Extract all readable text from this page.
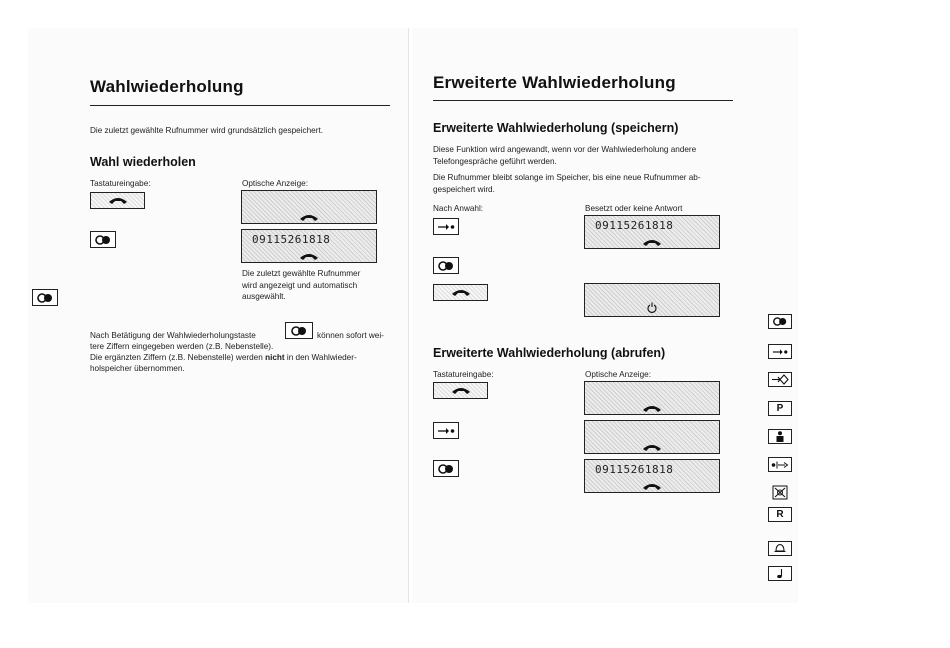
Wahlwiederholung
Die zuletzt gewählte Rufnummer wird grundsätzlich gespeichert.
Wahl wiederholen
Tastatureingabe:	Optische Anzeige:
09115261818
Die zuletzt gewählte Rufnummer
wird angezeigt und automatisch
ausgewählt.
Nach Betätigung der Wahlwiederholungstaste	können sofort wei-
tere Ziffern eingegeben werden (z.B. Nebenstelle).
Die ergänzten Ziffern (z.B. Nebenstelle) werden nicht in den Wahlwieder-
holspeicher übernommen.
Erweiterte Wahlwiederholung
Erweiterte Wahlwiederholung (speichern)
Diese Funktion wird angewandt, wenn vor der Wahlwiederholung andere
Telefongespräche geführt werden.
Die Rufnummer bleibt solange im Speicher, bis eine neue Rufnummer ab-
gespeichert wird.
Nach Anwahl:	Besetzt oder keine Antwort
09115261818
Erweiterte Wahlwiederholung (abrufen)
Tastatureingabe:	Optische Anzeige:
09115261818
P
R
